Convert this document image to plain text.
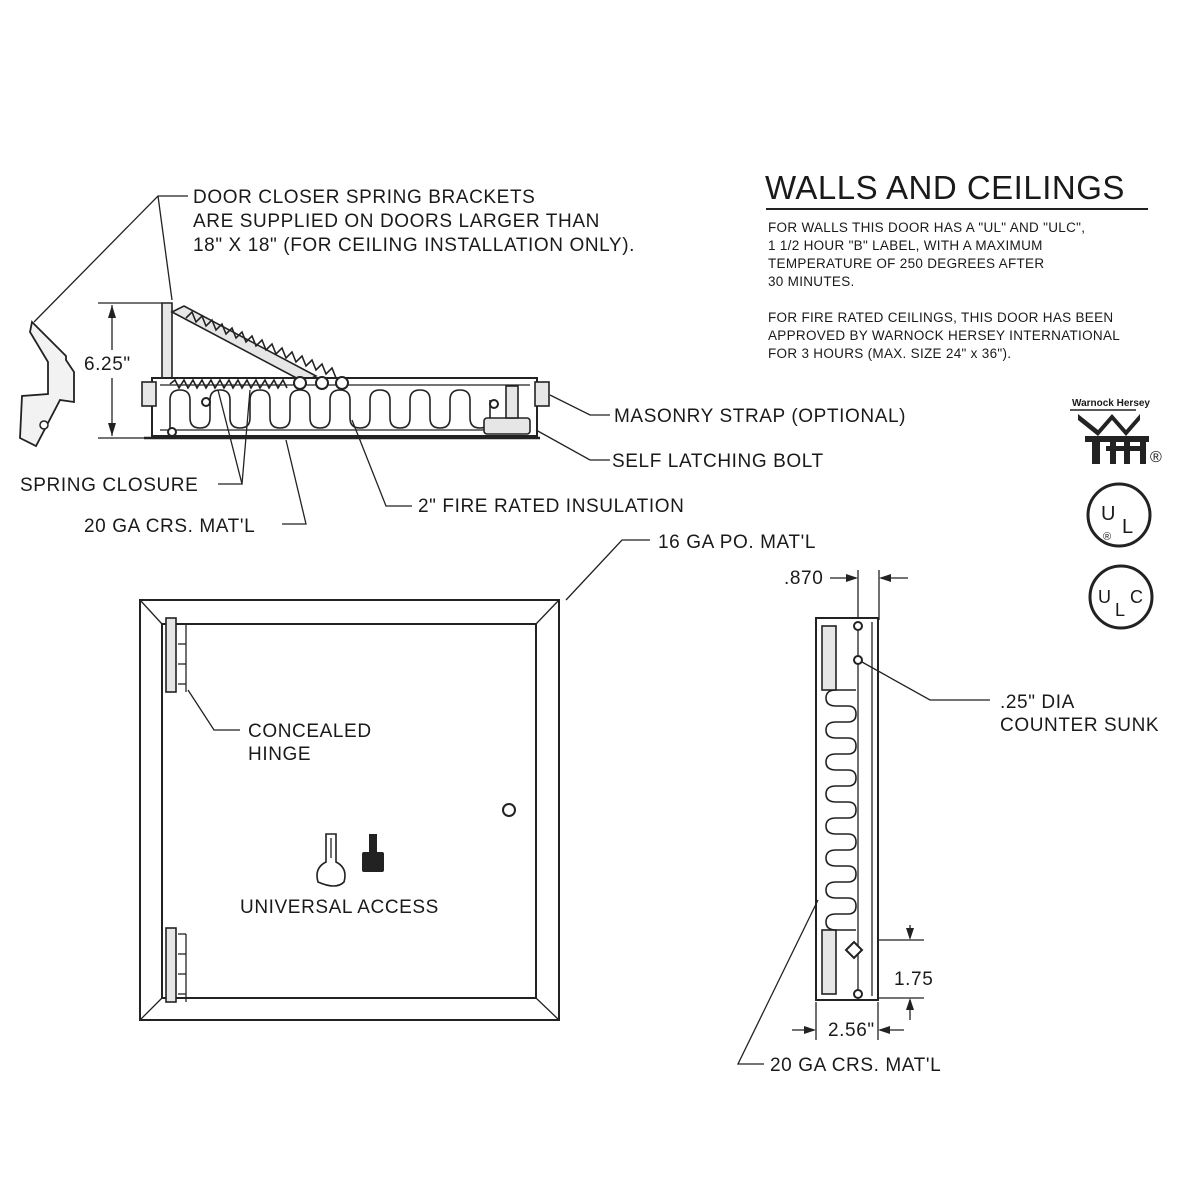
WALLS AND CEILINGS
FOR WALLS THIS DOOR HAS A "UL" AND "ULC",
1 1/2 HOUR "B" LABEL, WITH A MAXIMUM
TEMPERATURE OF 250 DEGREES AFTER
30 MINUTES.
FOR FIRE RATED CEILINGS, THIS DOOR HAS BEEN
APPROVED BY WARNOCK HERSEY INTERNATIONAL
FOR 3 HOURS (MAX. SIZE 24" x 36").
Warnock Hersey
®
U
® L
U
L
C
DOOR CLOSER SPRING BRACKETS
ARE SUPPLIED ON DOORS LARGER THAN
18" X 18" (FOR CEILING INSTALLATION ONLY).
6.25"
MASONRY STRAP (OPTIONAL)
SELF LATCHING BOLT
SPRING CLOSURE
20 GA CRS. MAT'L
2" FIRE RATED INSULATION
16 GA PO. MAT'L
CONCEALED
HINGE
UNIVERSAL ACCESS
.870
.25" DIA
COUNTER SUNK
1.75
2.56"
20 GA CRS. MAT'L
